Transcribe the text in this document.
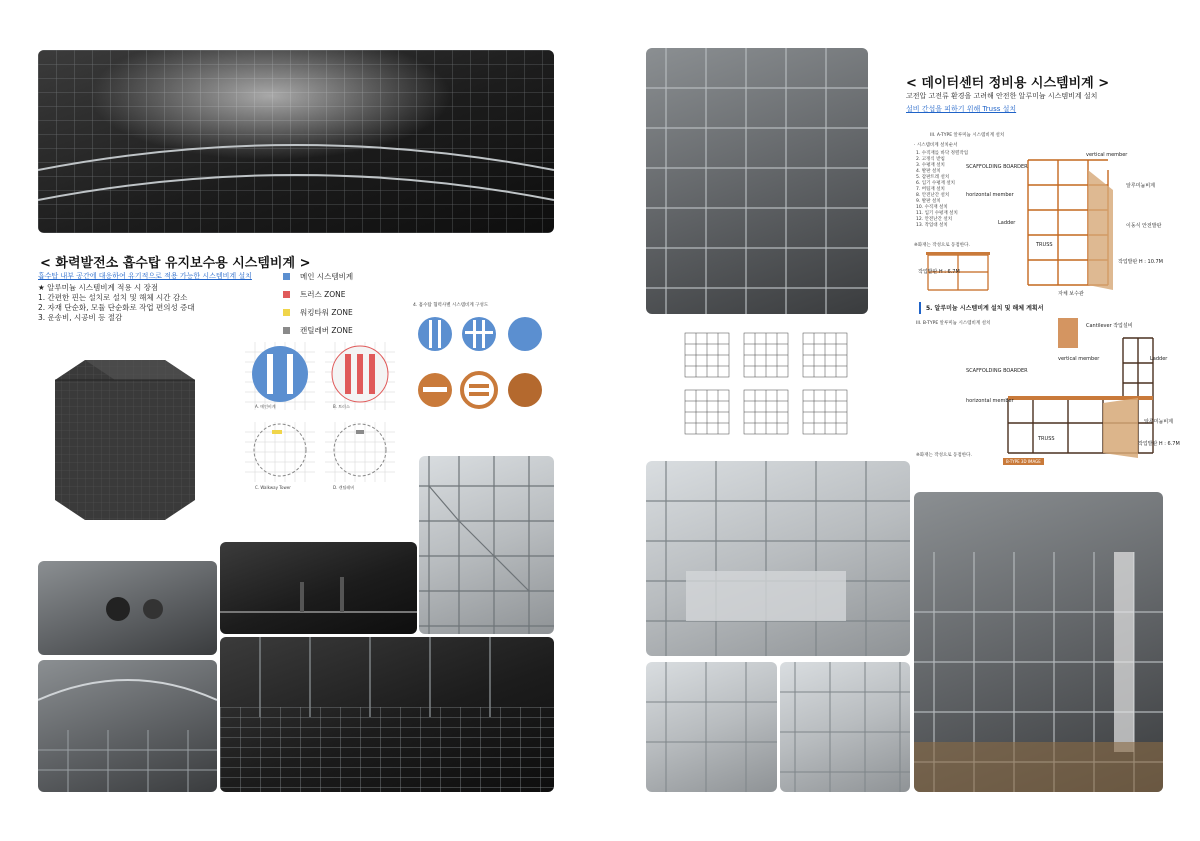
< 화력발전소 흡수탑 유지보수용 시스템비계 >
흡수탑 내부 공간에 대응하여 유기적으로 적용 가능한 시스템비계 설치
★ 알루미늄 시스템비계 적용 시 장점
1. 간편한 핀는 설치로 설치 및 해체 시간 감소
2. 자재 단순화, 모듈 단순화로 작업 편의성 증대
3. 운송비, 시공비 등 절감
메인 시스템비계
트러스 ZONE
워킹타워 ZONE
캔틸레버 ZONE
A. 메인비계	B. 트러스
C. Walkway Tower	D. 캔틸레버
4. 흡수탑 협력사별 시스템비계 구성도
< 데이터센터 정비용 시스템비계 >
고전압 고전류 환경을 고려해 안전한 알루미늄 시스템비계 설치
설비 간섭을 피하기 위해 Truss 설치
III. A-TYPE 알루미늄 시스템비계 설치
· 시스템비계 설치순서
1. 수직재를 바닥 정렬작업
2. 고정식 받침
3. 수평재 설치
4. 발판 설치
5. 갑판트레 설치
6. 입기 수평재 설치
7. 버팀재 설치
8. 안전난간 설치
9. 발판 설치
10. 수직재 설치
11. 입기 수평재 설치
12. 안전난간 설치
13. 작업대 설치
※화재는 작성으로 동점한다.
vertical member
SCAFFOLDING BOARDER
horizontal member
Ladder
TRUSS
작업발판 H : 10.7M
작업발판 H : 6.7M
알루미늄비계
이동식 안전발판
자체 보수관
5. 알루미늄 시스템비계 설치 및 해체 계획서
III. B-TYPE 알루미늄 시스템비계 설치	Cantilever 작업설비
vertical member
SCAFFOLDING BOARDER
horizontal member
Ladder
TRUSS
작업발판 H : 6.7M
알루미늄비계
※화재는 작성으로 동점한다.
B-TYPE 3D IMAGE
